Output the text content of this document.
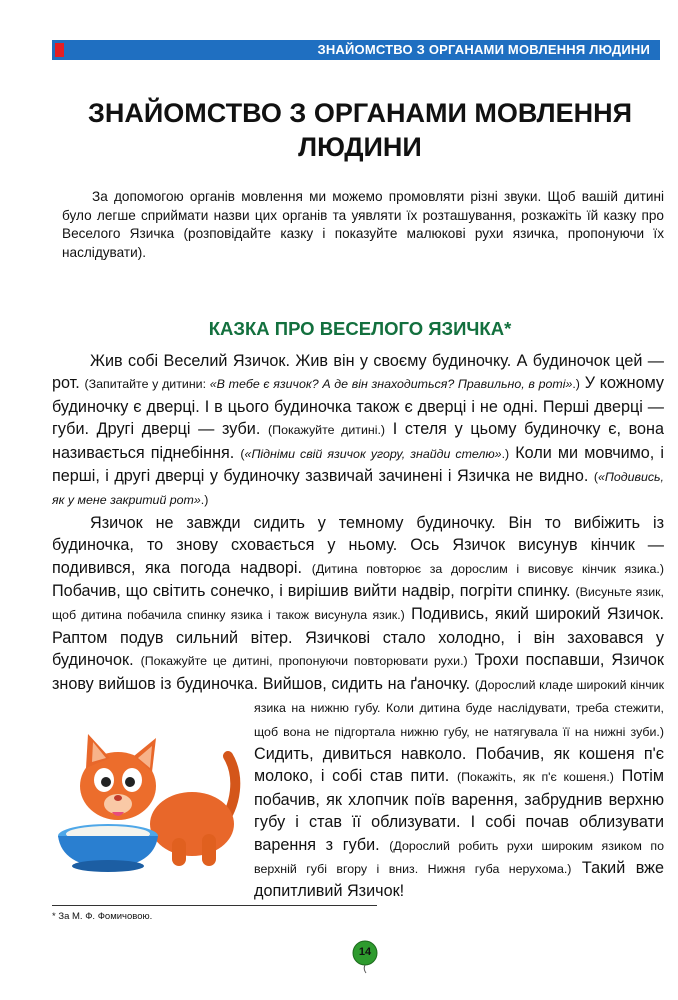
ЗНАЙОМСТВО З ОРГАНАМИ МОВЛЕННЯ ЛЮДИНИ
ЗНАЙОМСТВО З ОРГАНАМИ МОВЛЕННЯ
ЛЮДИНИ

За допомогою органів мовлення ми можемо промовляти різні звуки. Щоб вашій дитині було легше сприймати назви цих органів та уявляти їх розташування, розкажіть їй казку про Веселого Язичка (розповідайте казку і показуйте малюкові рухи язичка, пропонуючи їх наслідувати).

КАЗКА ПРО ВЕСЕЛОГО ЯЗИЧКА*

Жив собі Веселий Язичок. Жив він у своєму будиночку. А будиночок цей — рот. (Запитайте у дитини: «В тебе є язичок? А де він знаходиться? Правильно, в роті».) У кожному будиночку є дверці. І в цього будиночка також є дверці і не одні. Перші дверці — губи. Другі дверці — зуби. (Покажуйте дитині.) І стеля у цьому будиночку є, вона називається піднебіння. («Підніми свій язичок угору, знайди стелю».) Коли ми мовчимо, і перші, і другі дверці у будиночку зазвичай зачинені і Язичка не видно. («Подивись, як у мене закритий рот».)

Язичок не завжди сидить у темному будиночку. Він то вибіжить із будиночка, то знову сховається у ньому. Ось Язичок висунув кінчик — подивився, яка погода надворі. (Дитина повторює за дорослим і висовує кінчик язика.) Побачив, що світить сонечко, і вирішив вийти надвір, погріти спинку. (Висуньте язик, щоб дитина побачила спинку язика і також висунула язик.) Подивись, який широкий Язичок. Раптом подув сильний вітер. Язичкові стало холодно, і він заховався у будиночок. (Покажуйте це дитині, пропонуючи повторювати рухи.) Трохи поспавши, Язичок знову вийшов із будиночка. Вийшов, сидить на ґаночку.
(Дорослий кладе широкий кінчик язика на нижню губу. Коли дитина буде наслідувати, треба стежити, щоб вона не підгортала нижню губу, не натягувала її на нижні зуби.) Сидить, дивиться навколо. Побачив, як кошеня п'є молоко, і собі став пити. (Покажіть, як п'є кошеня.) Потім побачив, як хлопчик поїв варення, забруднив верхню губу і став її облизувати. І собі почав облизувати варення з губи. (Дорослий робить рухи широким язиком по верхній губі вгору і вниз. Нижня губа нерухома.) Такий вже допитливий Язичок!

* За М. Ф. Фомичовою.
14
